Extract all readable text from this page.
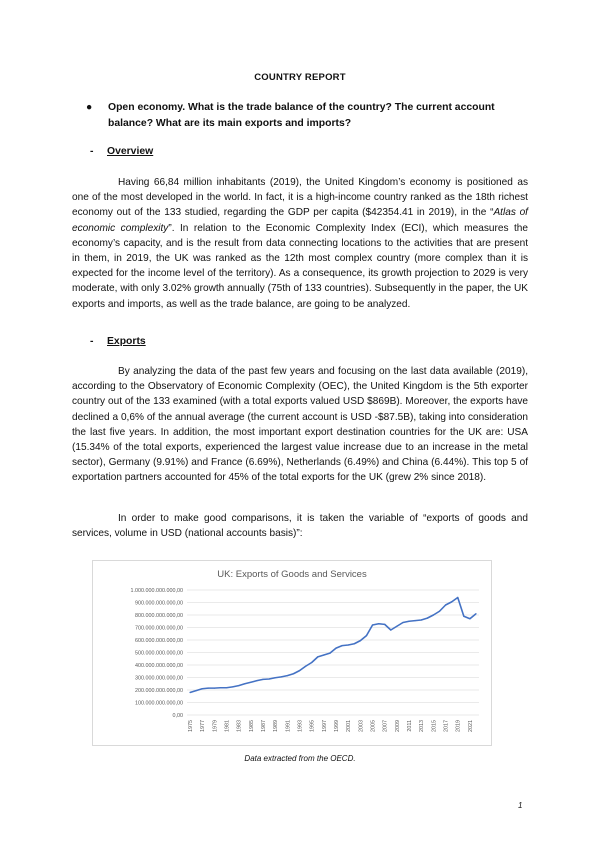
COUNTRY REPORT
●	Open economy. What is the trade balance of the country? The current account balance? What are its main exports and imports?
- Overview

Having 66,84 million inhabitants (2019), the United Kingdom’s economy is positioned as one of the most developed in the world. In fact, it is a high-income country ranked as the 18th richest economy out of the 133 studied, regarding the GDP per capita ($42354.41 in 2019), in the “Atlas of economic complexity”. In relation to the Economic Complexity Index (ECI), which measures the economy’s capacity, and is the result from data connecting locations to the activities that are present in them, in 2019, the UK was ranked as the 12th most complex country (more complex than it is expected for the income level of the territory). As a consequence, its growth projection to 2029 is very moderate, with only 3.02% growth annually (75th of 133 countries). Subsequently in the paper, the UK exports and imports, as well as the trade balance, are going to be analyzed.

- Exports

By analyzing the data of the past few years and focusing on the last data available (2019), according to the Observatory of Economic Complexity (OEC), the United Kingdom is the 5th exporter country out of the 133 examined (with a total exports valued USD $869B). Moreover, the exports have declined a 0,6% of the annual average (the current account is USD -$87.5B), taking into consideration the last five years. In addition, the most important export destination countries for the UK are: USA (15.34% of the total exports, experienced the largest value increase due to an increase in the metal sector), Germany (9.91%) and France (6.69%), Netherlands (6.49%) and China (6.44%). This top 5 of exportation partners accounted for 45% of the total exports for the UK (grew 2% since 2018).

In order to make good comparisons, it is taken the variable of “exports of goods and services, volume in USD (national accounts basis)”:

UK: Exports of Goods and Services
0,00
100.000.000.000,00
200.000.000.000,00
300.000.000.000,00
400.000.000.000,00
500.000.000.000,00
600.000.000.000,00
700.000.000.000,00
800.000.000.000,00
900.000.000.000,00
1.000.000.000.000,00
1975 1977 1979 1981 1983 1985 1987 1989 1991 1993 1995 1997 1999 2001 2003 2005 2007 2009 2011 2013 2015 2017 2019 2021
Data extracted from the OECD.
1
